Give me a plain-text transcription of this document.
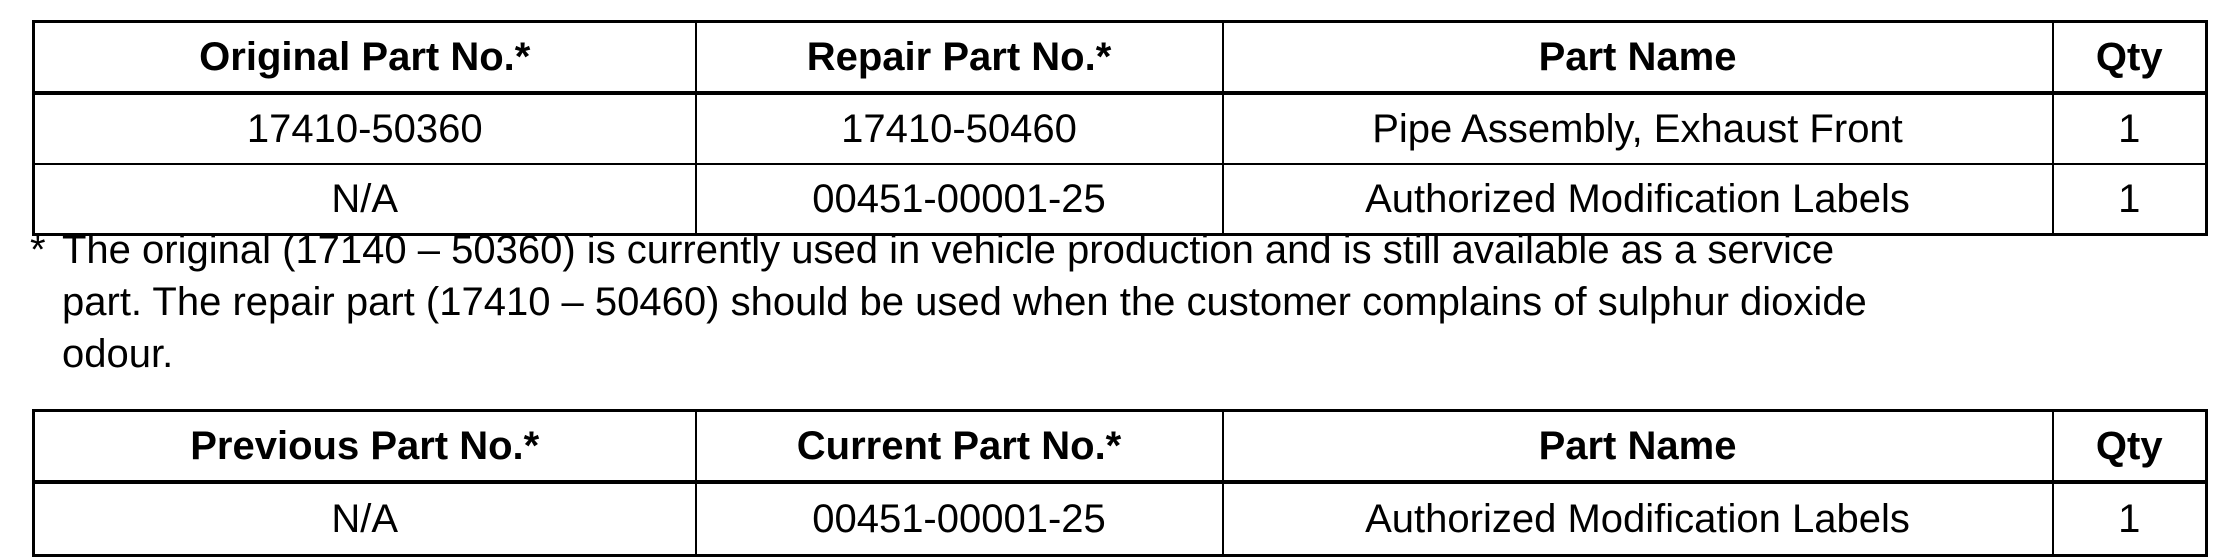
Original Part No.*	Repair Part No.*	Part Name	Qty
17410-50360	17410-50460	Pipe Assembly, Exhaust Front	1
N/A	00451-00001-25	Authorized Modification Labels	1
* The original (17140 – 50360) is currently used in vehicle production and is still available as a service
part. The repair part (17410 – 50460) should be used when the customer complains of sulphur dioxide
odour.
Previous Part No.*	Current Part No.*	Part Name	Qty
N/A	00451-00001-25	Authorized Modification Labels	1
